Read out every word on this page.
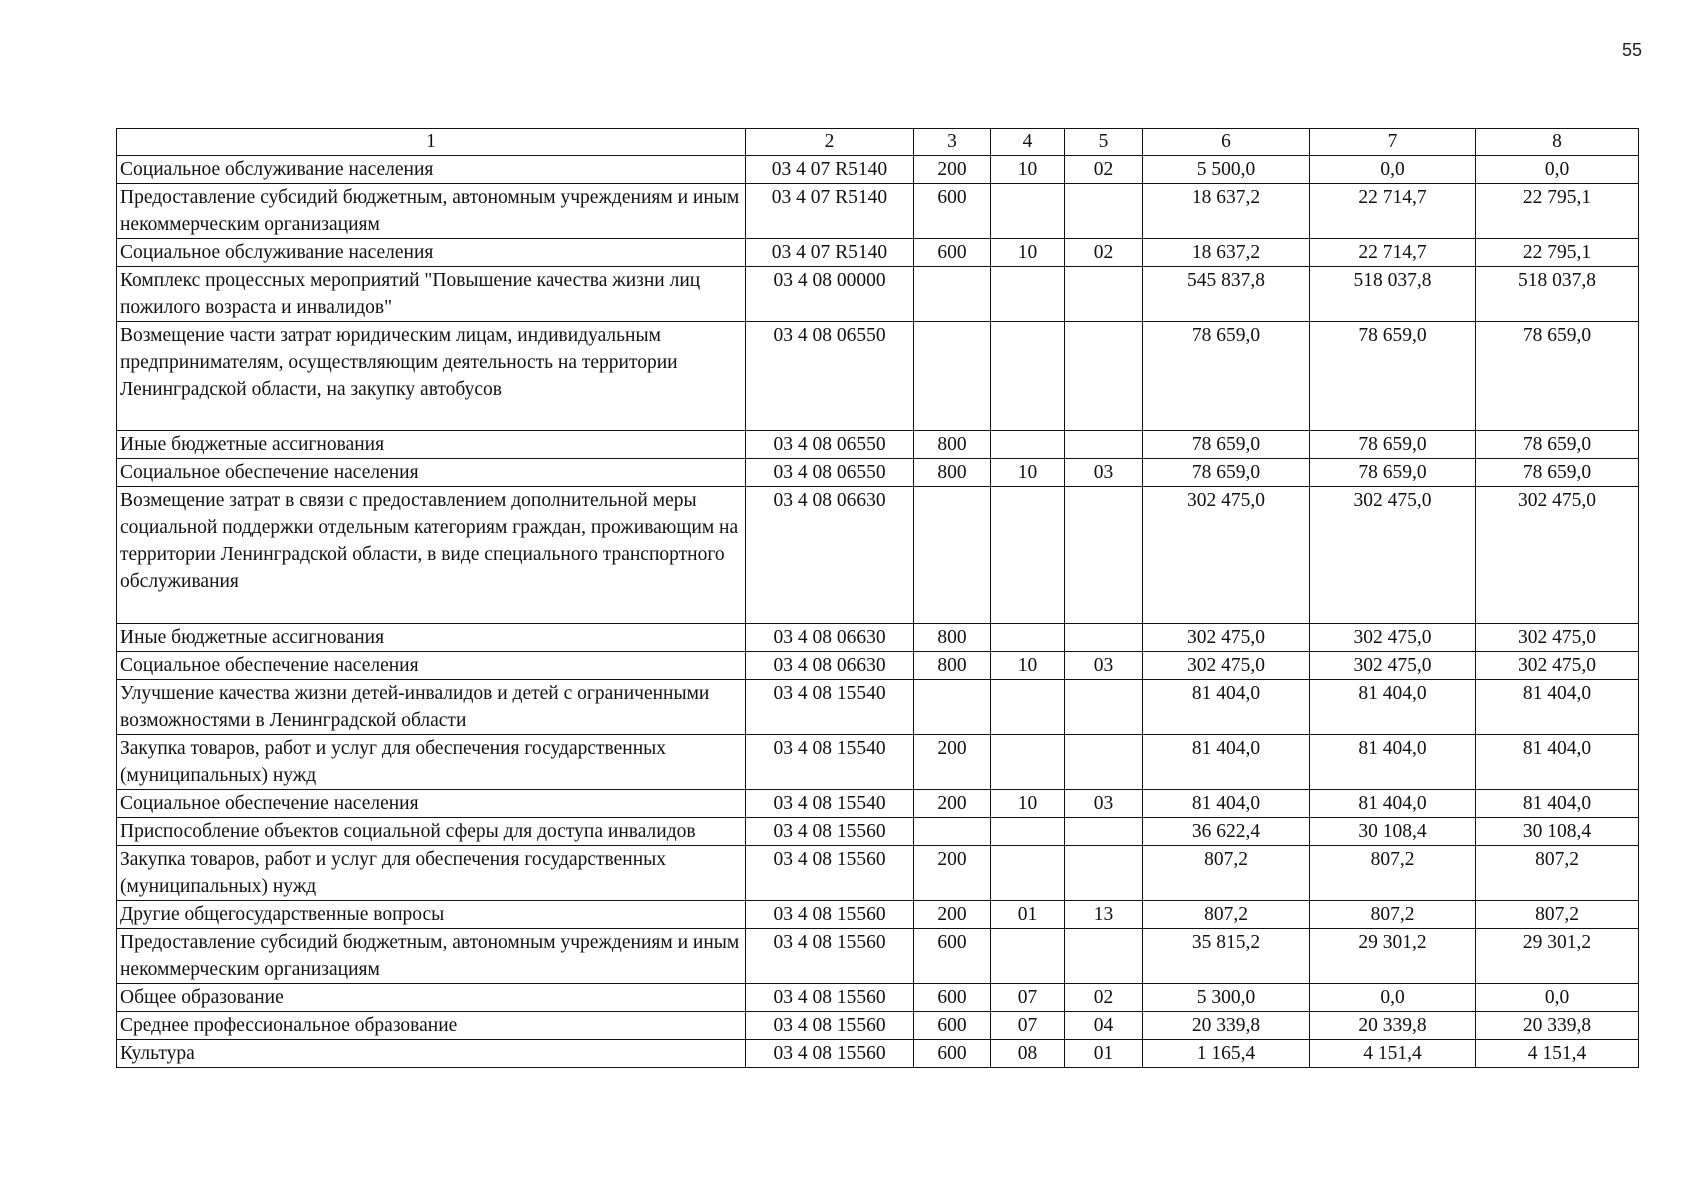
55
1	2	3	4	5	6	7	8
Социальное обслуживание населения	03 4 07 R5140	200	10	02	5 500,0	0,0	0,0
Предоставление субсидий бюджетным, автономным учреждениям и иным некоммерческим организациям	03 4 07 R5140	600			18 637,2	22 714,7	22 795,1
Социальное обслуживание населения	03 4 07 R5140	600	10	02	18 637,2	22 714,7	22 795,1
Комплекс процессных мероприятий "Повышение качества жизни лиц пожилого возраста и инвалидов"	03 4 08 00000				545 837,8	518 037,8	518 037,8
Возмещение части затрат юридическим лицам, индивидуальным предпринимателям, осуществляющим деятельность на территории Ленинградской области, на закупку автобусов	03 4 08 06550				78 659,0	78 659,0	78 659,0
Иные бюджетные ассигнования	03 4 08 06550	800			78 659,0	78 659,0	78 659,0
Социальное обеспечение населения	03 4 08 06550	800	10	03	78 659,0	78 659,0	78 659,0
Возмещение затрат в связи с предоставлением дополнительной меры социальной поддержки отдельным категориям граждан, проживающим на территории Ленинградской области, в виде специального транспортного обслуживания	03 4 08 06630				302 475,0	302 475,0	302 475,0
Иные бюджетные ассигнования	03 4 08 06630	800			302 475,0	302 475,0	302 475,0
Социальное обеспечение населения	03 4 08 06630	800	10	03	302 475,0	302 475,0	302 475,0
Улучшение качества жизни детей-инвалидов и детей с ограниченными возможностями в Ленинградской области	03 4 08 15540				81 404,0	81 404,0	81 404,0
Закупка товаров, работ и услуг для обеспечения государственных (муниципальных) нужд	03 4 08 15540	200			81 404,0	81 404,0	81 404,0
Социальное обеспечение населения	03 4 08 15540	200	10	03	81 404,0	81 404,0	81 404,0
Приспособление объектов социальной сферы для доступа инвалидов	03 4 08 15560				36 622,4	30 108,4	30 108,4
Закупка товаров, работ и услуг для обеспечения государственных (муниципальных) нужд	03 4 08 15560	200			807,2	807,2	807,2
Другие общегосударственные вопросы	03 4 08 15560	200	01	13	807,2	807,2	807,2
Предоставление субсидий бюджетным, автономным учреждениям и иным некоммерческим организациям	03 4 08 15560	600			35 815,2	29 301,2	29 301,2
Общее образование	03 4 08 15560	600	07	02	5 300,0	0,0	0,0
Среднее профессиональное образование	03 4 08 15560	600	07	04	20 339,8	20 339,8	20 339,8
Культура	03 4 08 15560	600	08	01	1 165,4	4 151,4	4 151,4
